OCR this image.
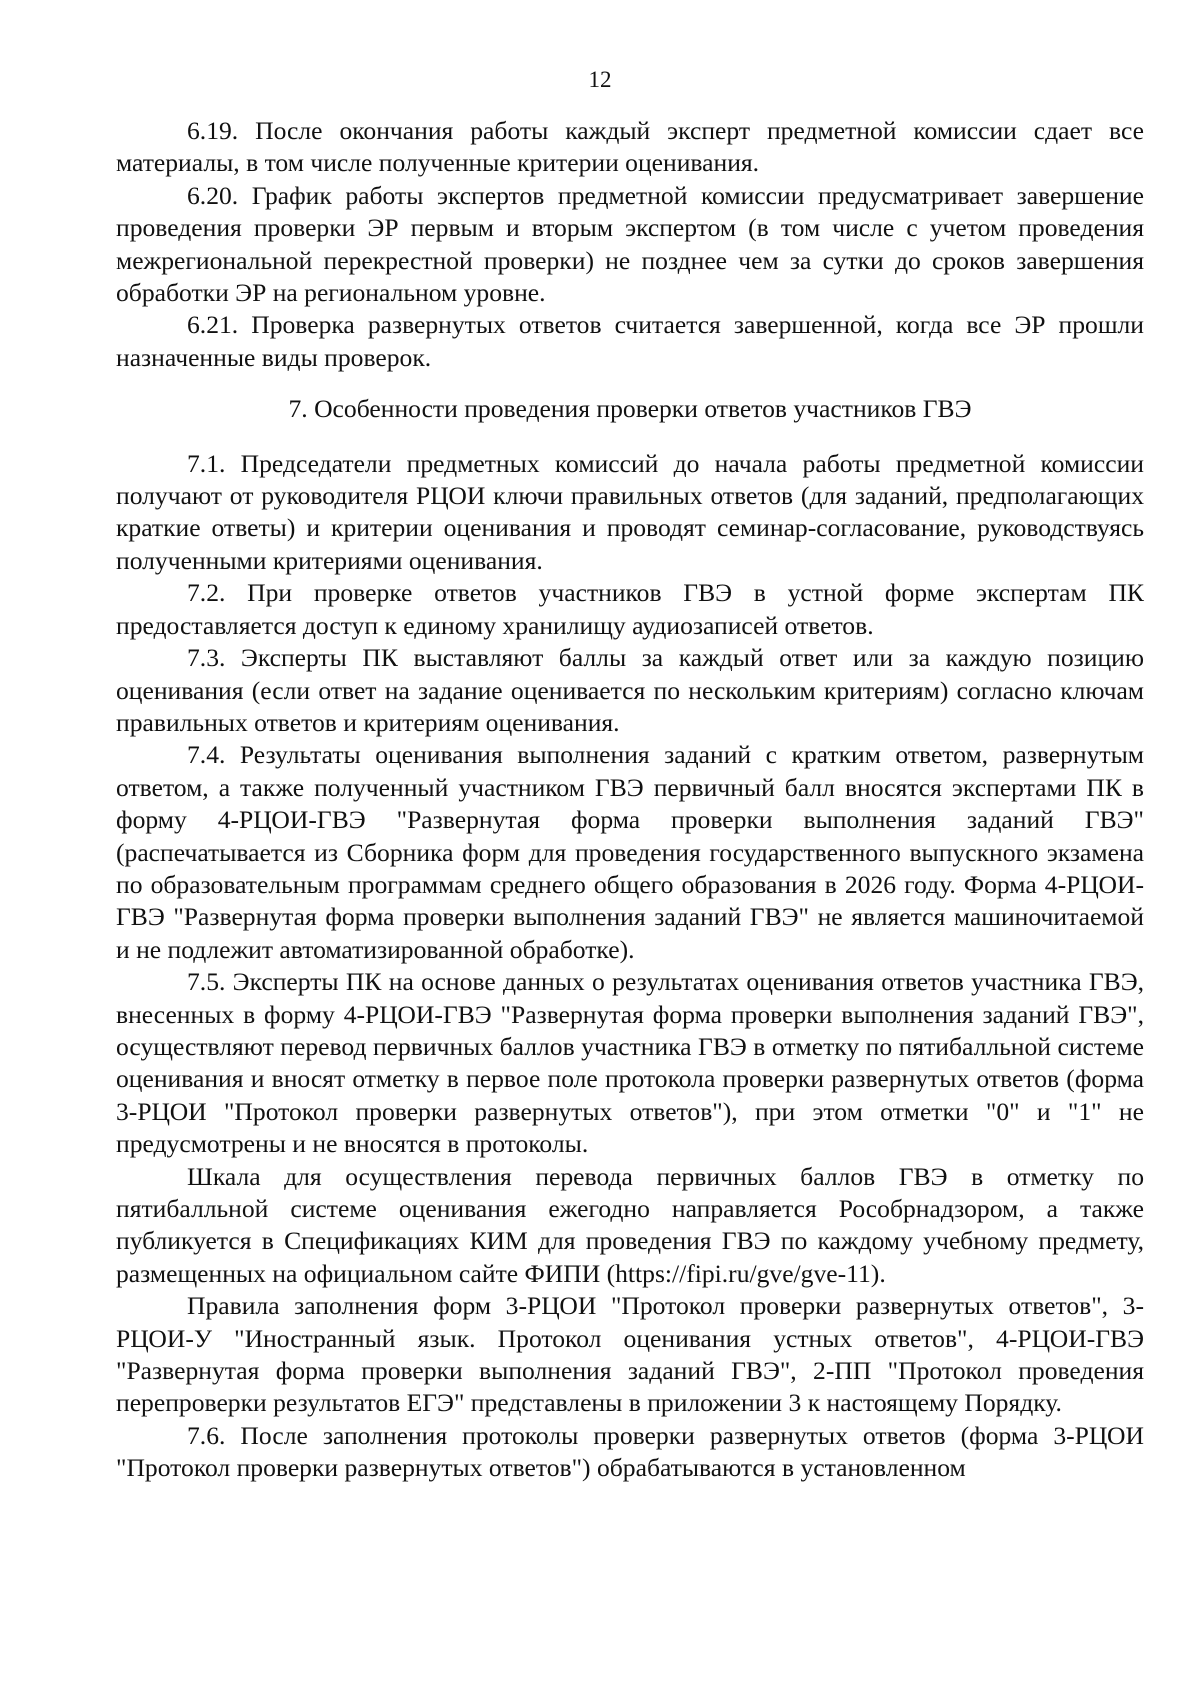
12

6.19. После окончания работы каждый эксперт предметной комиссии сдает все материалы, в том числе полученные критерии оценивания.

6.20. График работы экспертов предметной комиссии предусматривает завершение проведения проверки ЭР первым и вторым экспертом (в том числе с учетом проведения межрегиональной перекрестной проверки) не позднее чем за сутки до сроков завершения обработки ЭР на региональном уровне.

6.21. Проверка развернутых ответов считается завершенной, когда все ЭР прошли назначенные виды проверок.

7. Особенности проведения проверки ответов участников ГВЭ

7.1. Председатели предметных комиссий до начала работы предметной комиссии получают от руководителя РЦОИ ключи правильных ответов (для заданий, предполагающих краткие ответы) и критерии оценивания и проводят семинар-согласование, руководствуясь полученными критериями оценивания.

7.2. При проверке ответов участников ГВЭ в устной форме экспертам ПК предоставляется доступ к единому хранилищу аудиозаписей ответов.

7.3. Эксперты ПК выставляют баллы за каждый ответ или за каждую позицию оценивания (если ответ на задание оценивается по нескольким критериям) согласно ключам правильных ответов и критериям оценивания.

7.4. Результаты оценивания выполнения заданий с кратким ответом, развернутым ответом, а также полученный участником ГВЭ первичный балл вносятся экспертами ПК в форму 4-РЦОИ-ГВЭ "Развернутая форма проверки выполнения заданий ГВЭ" (распечатывается из Сборника форм для проведения государственного выпускного экзамена по образовательным программам среднего общего образования в 2026 году. Форма 4-РЦОИ-ГВЭ "Развернутая форма проверки выполнения заданий ГВЭ" не является машиночитаемой и не подлежит автоматизированной обработке).

7.5. Эксперты ПК на основе данных о результатах оценивания ответов участника ГВЭ, внесенных в форму 4-РЦОИ-ГВЭ "Развернутая форма проверки выполнения заданий ГВЭ", осуществляют перевод первичных баллов участника ГВЭ в отметку по пятибалльной системе оценивания и вносят отметку в первое поле протокола проверки развернутых ответов (форма 3-РЦОИ "Протокол проверки развернутых ответов"), при этом отметки "0" и "1" не предусмотрены и не вносятся в протоколы.

Шкала для осуществления перевода первичных баллов ГВЭ в отметку по пятибалльной системе оценивания ежегодно направляется Рособрнадзором, а также публикуется в Спецификациях КИМ для проведения ГВЭ по каждому учебному предмету, размещенных на официальном сайте ФИПИ (https://fipi.ru/gve/gve-11).

Правила заполнения форм 3-РЦОИ "Протокол проверки развернутых ответов", 3-РЦОИ-У "Иностранный язык. Протокол оценивания устных ответов", 4-РЦОИ-ГВЭ "Развернутая форма проверки выполнения заданий ГВЭ", 2-ПП "Протокол проведения перепроверки результатов ЕГЭ" представлены в приложении 3 к настоящему Порядку.

7.6. После заполнения протоколы проверки развернутых ответов (форма 3-РЦОИ "Протокол проверки развернутых ответов") обрабатываются в установленном
